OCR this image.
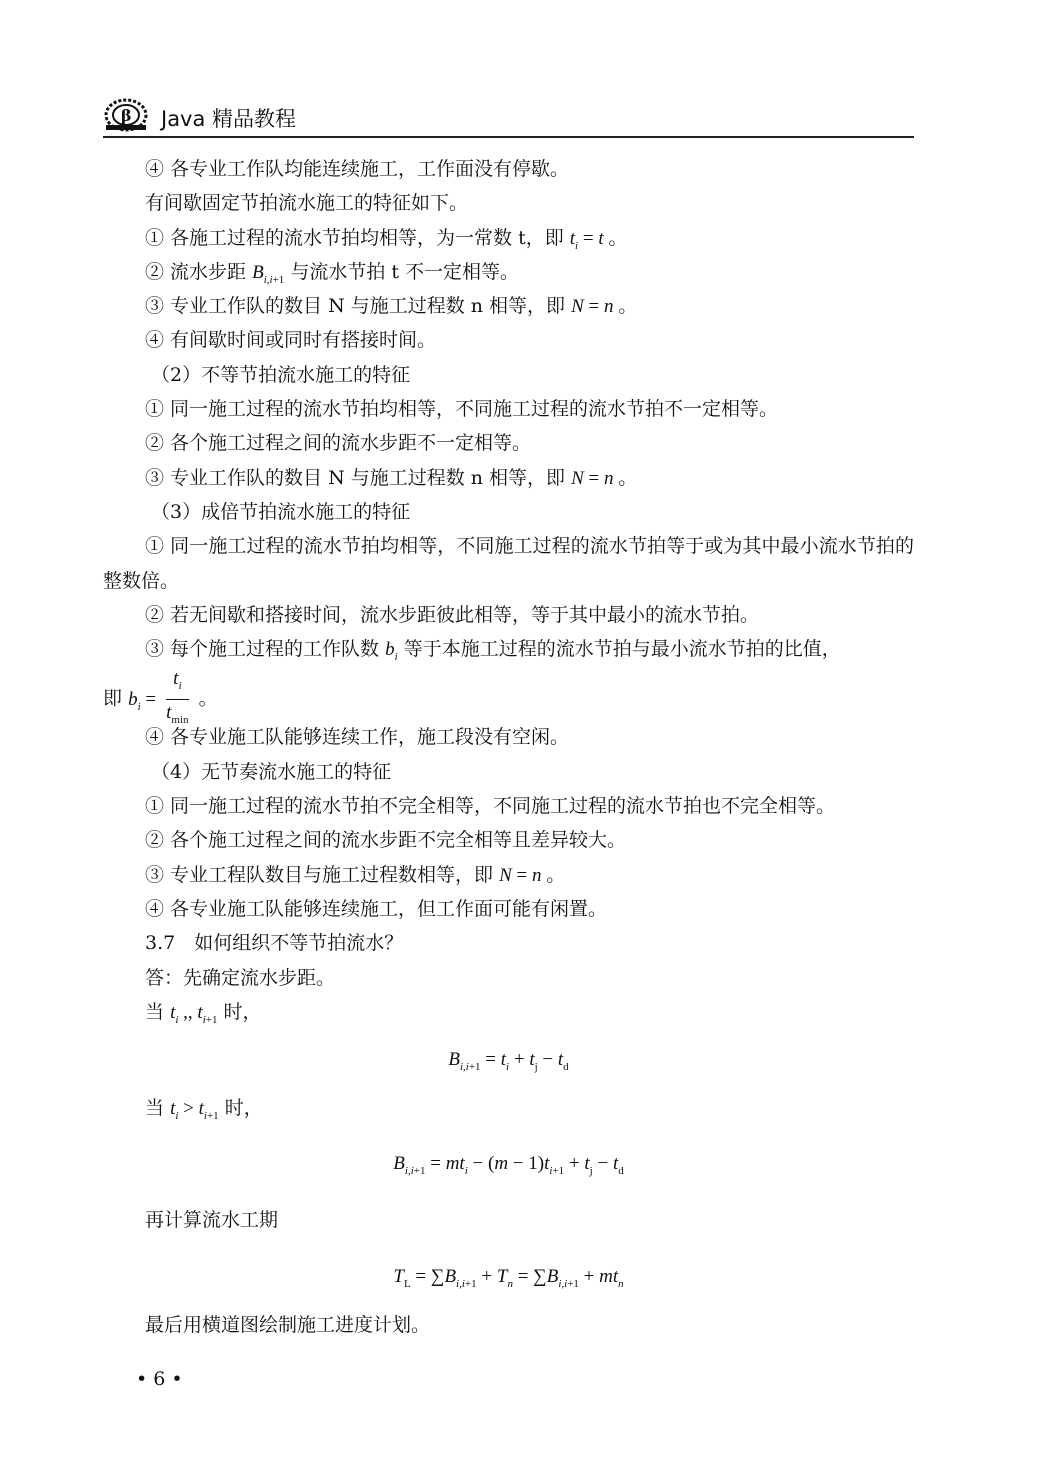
β Java 精品教程
④ 各专业工作队均能连续施工，工作面没有停歇。
有间歇固定节拍流水施工的特征如下。
① 各施工过程的流水节拍均相等，为一常数 t，即 $t_i = t$ 。
② 流水步距 $B_{i,i+1}$ 与流水节拍 t 不一定相等。
③ 专业工作队的数目 N 与施工过程数 n 相等，即 N = n 。
④ 有间歇时间或同时有搭接时间。
（2）不等节拍流水施工的特征
① 同一施工过程的流水节拍均相等，不同施工过程的流水节拍不一定相等。
② 各个施工过程之间的流水步距不一定相等。
③ 专业工作队的数目 N 与施工过程数 n 相等，即 N = n 。
（3）成倍节拍流水施工的特征
① 同一施工过程的流水节拍均相等，不同施工过程的流水节拍等于或为其中最小流水节拍的整数倍。
② 若无间歇和搭接时间，流水步距彼此相等，等于其中最小的流水节拍。
③ 每个施工过程的工作队数 $b_i$ 等于本施工过程的流水节拍与最小流水节拍的比值，
即 $b_i = \frac{t_i}{t_{min}}$ 。
④ 各专业施工队能够连续工作，施工段没有空闲。
（4）无节奏流水施工的特征
① 同一施工过程的流水节拍不完全相等，不同施工过程的流水节拍也不完全相等。
② 各个施工过程之间的流水步距不完全相等且差异较大。
③ 专业工程队数目与施工过程数相等，即 N = n 。
④ 各专业施工队能够连续施工，但工作面可能有闲置。
3.7　如何组织不等节拍流水？
答：先确定流水步距。
当 $t_i$ ,, $t_{i+1}$ 时，
$B_{i,i+1} = t_i + t_j - t_d$
当 $t_i > t_{i+1}$ 时，
$B_{i,i+1} = mt_i - (m - 1)t_{i+1} + t_j - t_d$
再计算流水工期
$T_L = \sum B_{i,i+1} + T_n = \sum B_{i,i+1} + mt_n$
最后用横道图绘制施工进度计划。
• 6 •
